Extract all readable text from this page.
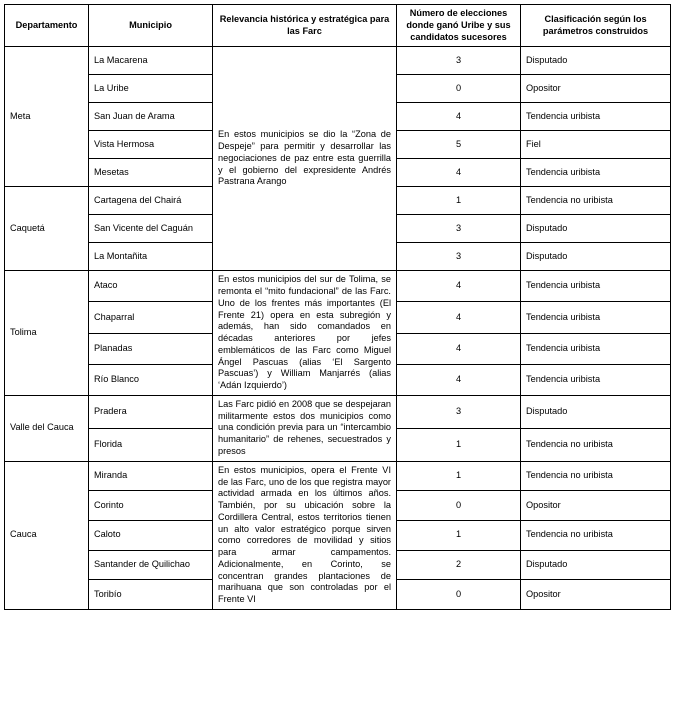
Departamento	Municipio	Relevancia histórica y estratégica para las Farc	Número de elecciones donde ganó Uribe y sus candidatos sucesores	Clasificación según los parámetros construidos
Meta	La Macarena	En estos municipios se dio la “Zona de Despeje” para permitir y desarrollar las negociaciones de paz entre esta guerrilla y el gobierno del expresidente Andrés Pastrana Arango	3	Disputado
	La Uribe		0	Opositor
	San Juan de Arama		4	Tendencia uribista
	Vista Hermosa		5	Fiel
	Mesetas		4	Tendencia uribista
Caquetá	Cartagena del Chairá		1	Tendencia no uribista
	San Vicente del Caguán		3	Disputado
	La Montañita		3	Disputado
Tolima	Ataco	En estos municipios del sur de Tolima, se remonta el “mito fundacional” de las Farc. Uno de los frentes más importantes (El Frente 21) opera en esta subregión y además, han sido comandados en décadas anteriores por jefes emblemáticos de las Farc como Miguel Ángel Pascuas (alias ‘El Sargento Pascuas’) y William Manjarrés (alias ‘Adán Izquierdo’)	4	Tendencia uribista
	Chaparral		4	Tendencia uribista
	Planadas		4	Tendencia uribista
	Río Blanco		4	Tendencia uribista
Valle del Cauca	Pradera	Las Farc pidió en 2008 que se despejaran militarmente estos dos municipios como una condición previa para un “intercambio humanitario” de rehenes, secuestrados y presos	3	Disputado
	Florida		1	Tendencia no uribista
Cauca	Miranda	En estos municipios, opera el Frente VI de las Farc, uno de los que registra mayor actividad armada en los últimos años. También, por su ubicación sobre la Cordillera Central, estos territorios tienen un alto valor estratégico porque sirven como corredores de movilidad y sitios para armar campamentos. Adicionalmente, en Corinto, se concentran grandes plantaciones de marihuana que son controladas por el Frente VI	1	Tendencia no uribista
	Corinto		0	Opositor
	Caloto		1	Tendencia no uribista
	Santander de Quilichao		2	Disputado
	Toribío		0	Opositor
